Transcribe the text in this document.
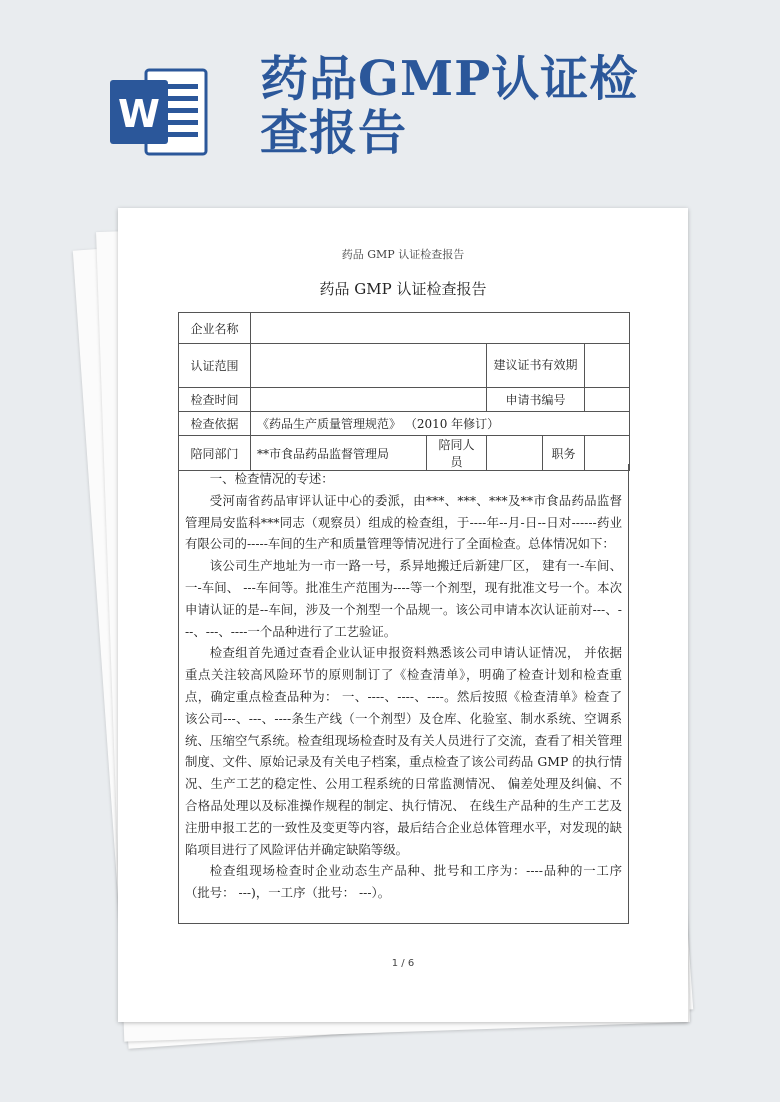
W
药品GMP认证检查报告
药品 GMP 认证检查报告
药品 GMP 认证检查报告
企业名称					
认证范围			建议证书有效期		
检查时间			申请书编号		
检查依据	《药品生产质量管理规范》 （2010 年修订）				
陪同部门	**市食品药品监督管理局	陪同人员		职务	

一、检查情况的专述：

受河南省药品审评认证中心的委派，由***、***、***及**市食品药品监督管理局安监科***同志（观察员）组成的检查组，于----年--月-日--日对------药业有限公司的-----车间的生产和质量管理等情况进行了全面检查。总体情况如下：

该公司生产地址为一市一路一号，系异地搬迁后新建厂区， 建有一-车间、一-车间、 ---车间等。批准生产范围为----等一个剂型，现有批准文号一个。本次申请认证的是--车间，涉及一个剂型一个品规一。该公司申请本次认证前对---、---、---、----一个品种进行了工艺验证。

检查组首先通过查看企业认证申报资料熟悉该公司申请认证情况， 并依据重点关注较高风险环节的原则制订了《检查清单》，明确了检查计划和检查重点，确定重点检查品种为： 一、----、----、----。然后按照《检查清单》检查了该公司---、---、----条生产线（一个剂型）及仓库、化验室、制水系统、空调系统、压缩空气系统。检查组现场检查时及有关人员进行了交流，查看了相关管理制度、文件、原始记录及有关电子档案，重点检查了该公司药品 GMP 的执行情况、生产工艺的稳定性、公用工程系统的日常监测情况、 偏差处理及纠偏、不合格品处理以及标准操作规程的制定、执行情况、 在线生产品种的生产工艺及注册申报工艺的一致性及变更等内容，最后结合企业总体管理水平，对发现的缺陷项目进行了风险评估并确定缺陷等级。

检查组现场检查时企业动态生产品种、批号和工序为：----品种的一工序（批号： ---)，一工序（批号： ---）。

1 / 6
